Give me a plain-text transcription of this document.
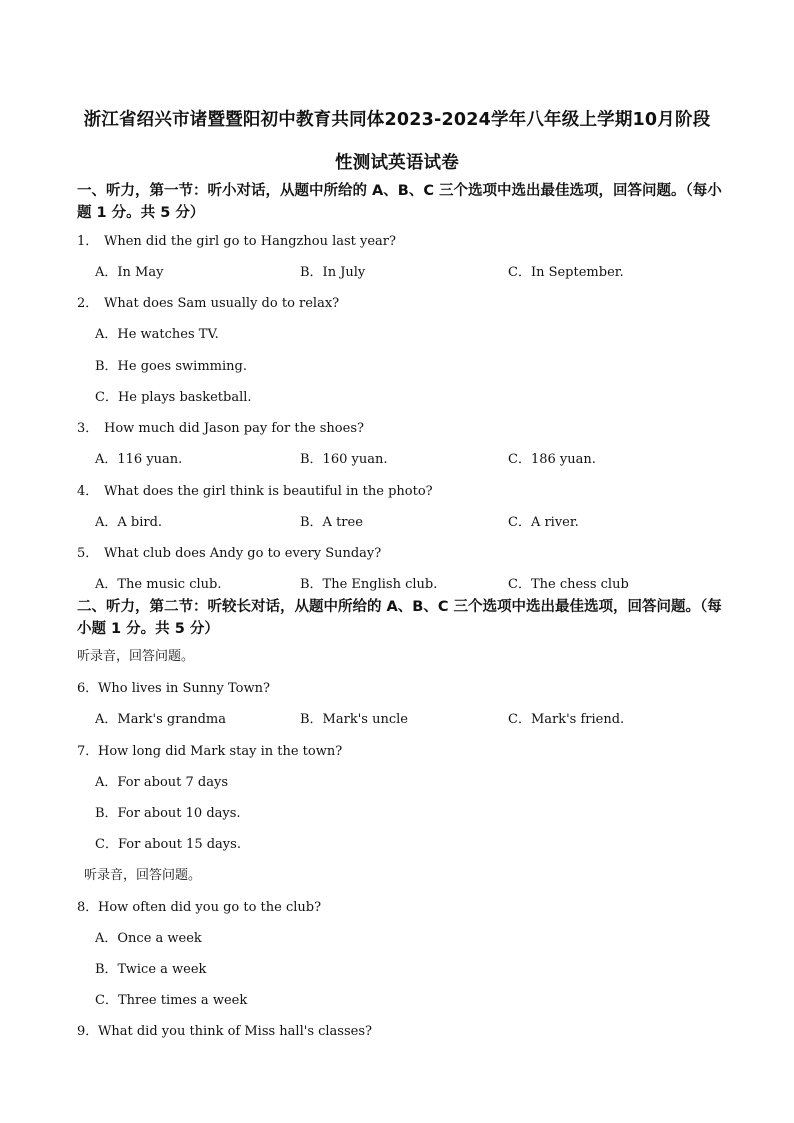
浙江省绍兴市诸暨暨阳初中教育共同体2023-2024学年八年级上学期10月阶段
性测试英语试卷
一、听力，第一节：听小对话，从题中所给的 A、B、C 三个选项中选出最佳选项，回答问题。（每小题 1 分。共 5 分）
1． When did the girl go to Hangzhou last year?
A．In May	B．In July	C．In September.
2． What does Sam usually do to relax?
A．He watches TV.
B．He goes swimming.
C．He plays basketball.
3． How much did Jason pay for the shoes?
A．116 yuan.	B．160 yuan.	C．186 yuan.
4． What does the girl think is beautiful in the photo?
A．A bird.	B．A tree	C．A river.
5． What club does Andy go to every Sunday?
A．The music club.	B．The English club.	C．The chess club
二、听力，第二节：听较长对话，从题中所给的 A、B、C 三个选项中选出最佳选项，回答问题。（每小题 1 分。共 5 分）
听录音，回答问题。
6．Who lives in Sunny Town?
A．Mark's grandma	B．Mark's uncle	C．Mark's friend.
7．How long did Mark stay in the town?
A．For about 7 days
B．For about 10 days.
C．For about 15 days.
听录音，回答问题。
8．How often did you go to the club?
A．Once a week
B．Twice a week
C．Three times a week
9．What did you think of Miss hall's classes?
